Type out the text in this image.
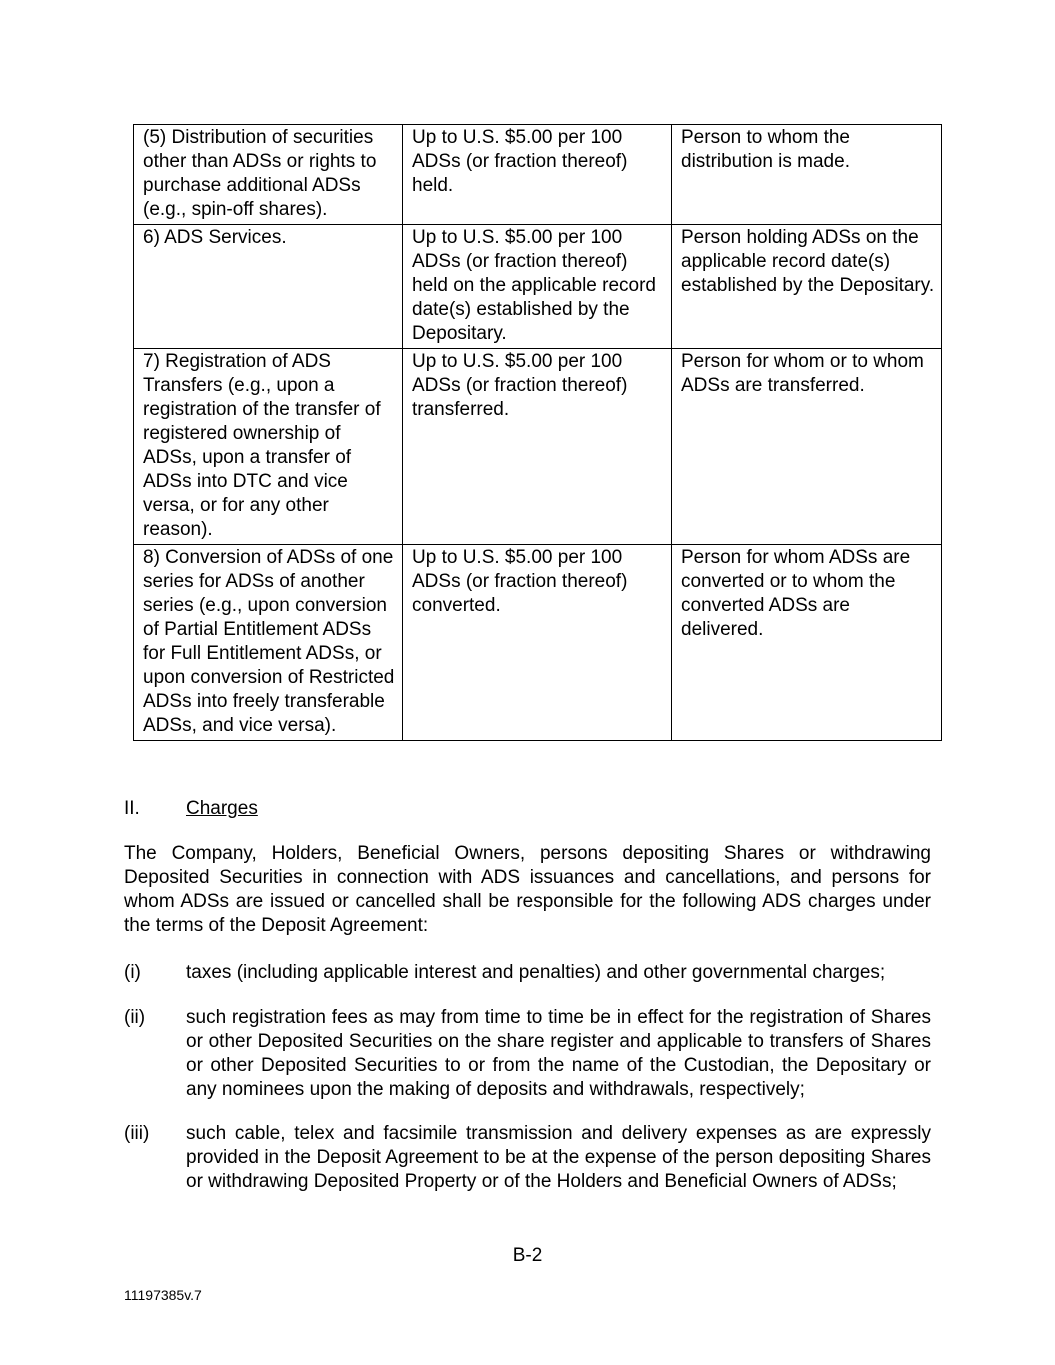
(5) Distribution of securities other than ADSs or rights to purchase additional ADSs (e.g., spin-off shares).	Up to U.S. $5.00 per 100 ADSs (or fraction thereof) held.	Person to whom the distribution is made.
6) ADS Services.	Up to U.S. $5.00 per 100 ADSs (or fraction thereof) held on the applicable record date(s) established by the Depositary.	Person holding ADSs on the applicable record date(s) established by the Depositary.
7) Registration of ADS Transfers (e.g., upon a registration of the transfer of registered ownership of ADSs, upon a transfer of ADSs into DTC and vice versa, or for any other reason).	Up to U.S. $5.00 per 100 ADSs (or fraction thereof) transferred.	Person for whom or to whom ADSs are transferred.
8) Conversion of ADSs of one series for ADSs of another series (e.g., upon conversion of Partial Entitlement ADSs for Full Entitlement ADSs, or upon conversion of Restricted ADSs into freely transferable ADSs, and vice versa).	Up to U.S. $5.00 per 100 ADSs (or fraction thereof) converted.	Person for whom ADSs are converted or to whom the converted ADSs are delivered.
II. Charges

The Company, Holders, Beneficial Owners, persons depositing Shares or withdrawing Deposited Securities in connection with ADS issuances and cancellations, and persons for whom ADSs are issued or cancelled shall be responsible for the following ADS charges under the terms of the Deposit Agreement:

(i) taxes (including applicable interest and penalties) and other governmental charges;
(ii) such registration fees as may from time to time be in effect for the registration of Shares or other Deposited Securities on the share register and applicable to transfers of Shares or other Deposited Securities to or from the name of the Custodian, the Depositary or any nominees upon the making of deposits and withdrawals, respectively;
(iii) such cable, telex and facsimile transmission and delivery expenses as are expressly provided in the Deposit Agreement to be at the expense of the person depositing Shares or withdrawing Deposited Property or of the Holders and Beneficial Owners of ADSs;
B-2
11197385v.7
